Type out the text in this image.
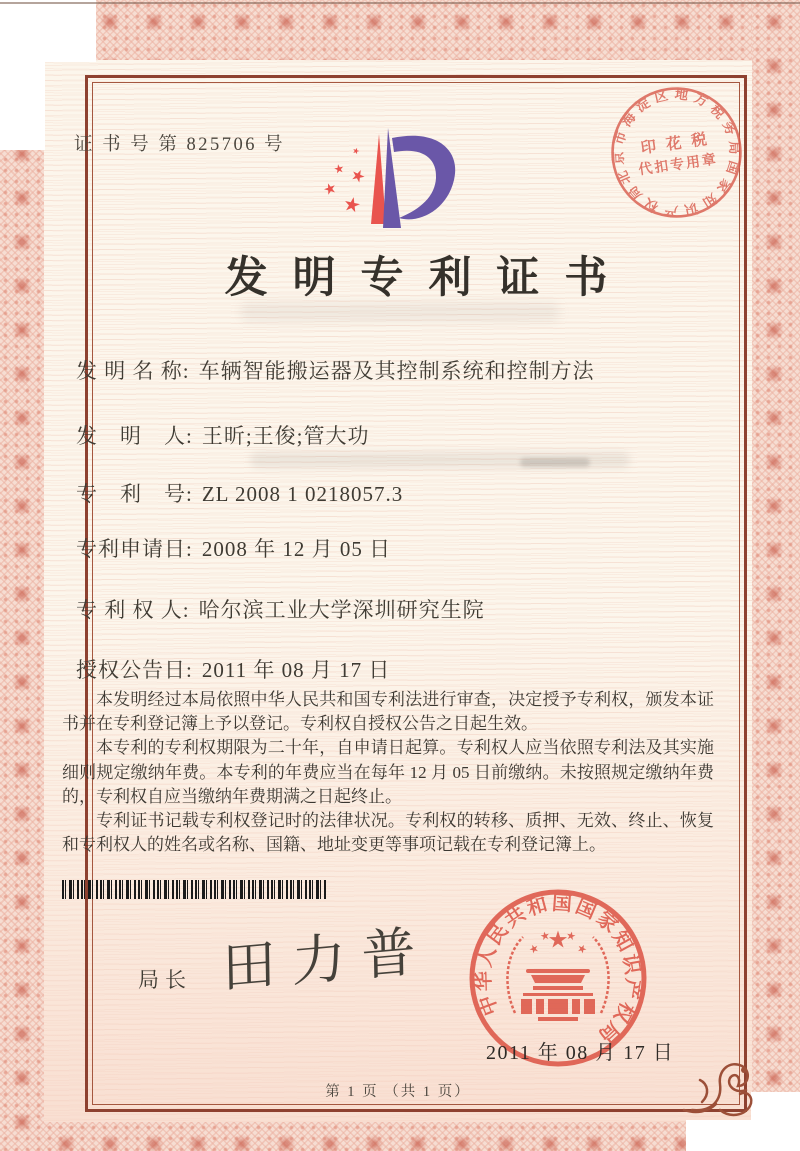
证 书 号 第 825706 号
发明专利证书
发 明 名 称: 车辆智能搬运器及其控制系统和控制方法
发　明　人: 王昕;王俊;管大功
专　利　号: ZL 2008 1 0218057.3
专利申请日: 2008 年 12 月 05 日
专 利 权 人: 哈尔滨工业大学深圳研究生院
授权公告日: 2011 年 08 月 17 日

本发明经过本局依照中华人民共和国专利法进行审查，决定授予专利权，颁发本证书并在专利登记簿上予以登记。专利权自授权公告之日起生效。

本专利的专利权期限为二十年，自申请日起算。专利权人应当依照专利法及其实施细则规定缴纳年费。本专利的年费应当在每年 12 月 05 日前缴纳。未按照规定缴纳年费的，专利权自应当缴纳年费期满之日起终止。

专利证书记载专利权登记时的法律状况。专利权的转移、质押、无效、终止、恢复和专利权人的姓名或名称、国籍、地址变更等事项记载在专利登记簿上。

局长 田力普
中华人民共和国国家知识产权局
2011 年 08 月 17 日
第 1 页 （共 1 页）
北京市海淀区地方税务局
国家知识产权局
印 花 税
代扣专用章
